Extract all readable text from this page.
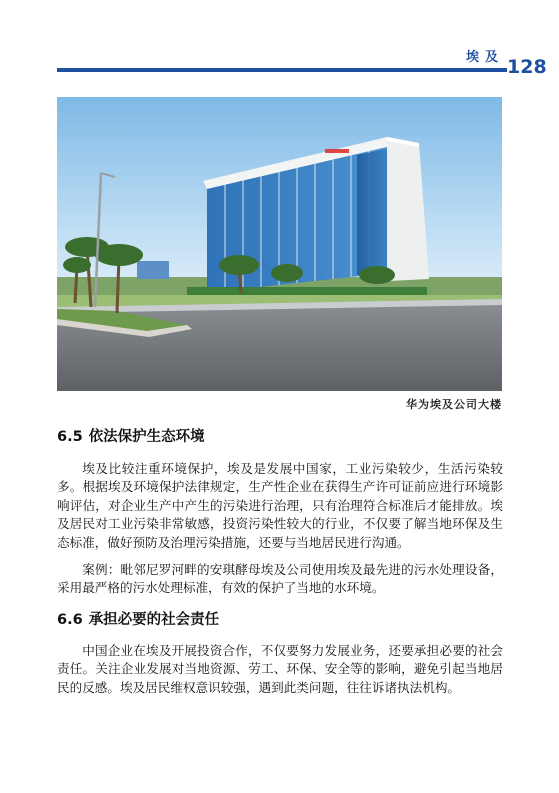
埃及 128
华为埃及公司大楼
6.5 依法保护生态环境

埃及比较注重环境保护，埃及是发展中国家，工业污染较少，生活污染较多。根据埃及环境保护法律规定，生产性企业在获得生产许可证前应进行环境影响评估，对企业生产中产生的污染进行治理，只有治理符合标准后才能排放。埃及居民对工业污染非常敏感，投资污染性较大的行业，不仅要了解当地环保及生态标准，做好预防及治理污染措施，还要与当地居民进行沟通。

案例：毗邻尼罗河畔的安琪酵母埃及公司使用埃及最先进的污水处理设备，采用最严格的污水处理标准，有效的保护了当地的水环境。

6.6 承担必要的社会责任

中国企业在埃及开展投资合作，不仅要努力发展业务，还要承担必要的社会责任。关注企业发展对当地资源、劳工、环保、安全等的影响，避免引起当地居民的反感。埃及居民维权意识较强，遇到此类问题，往往诉诸执法机构。
